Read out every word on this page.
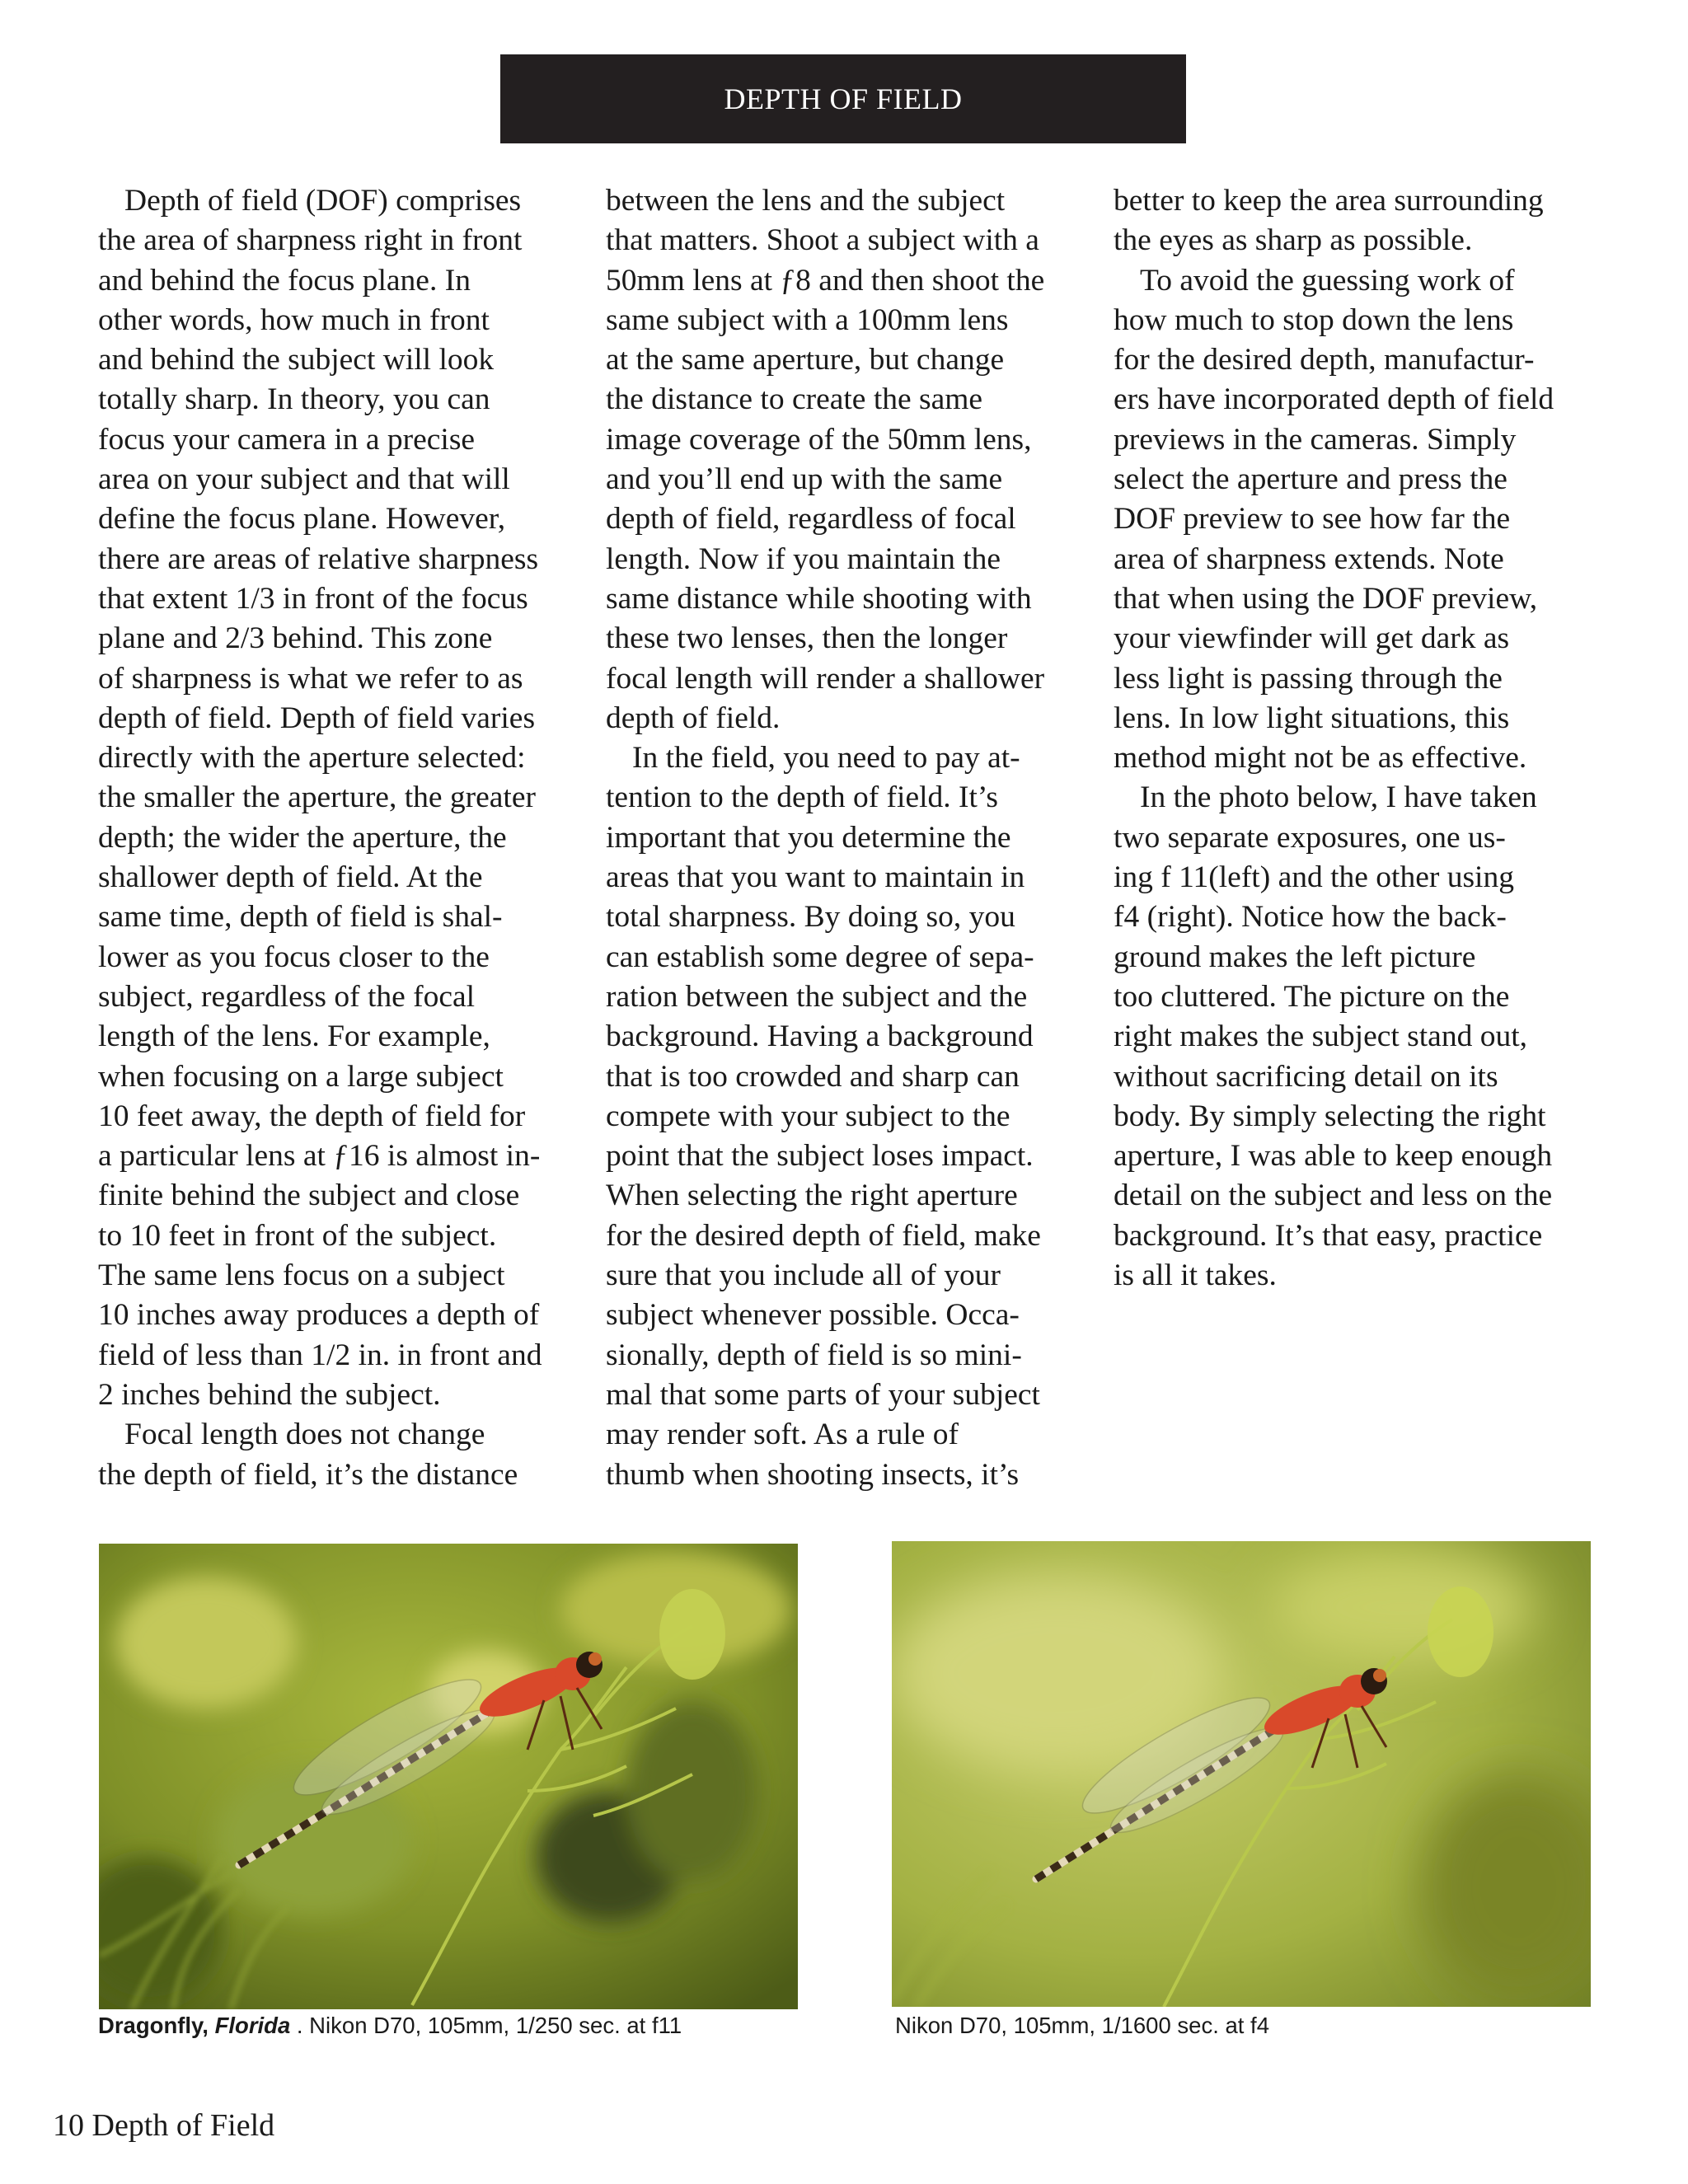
DEPTH OF FIELD
Depth of field (DOF) comprises
the area of sharpness right in front
and behind the focus plane. In
other words, how much in front
and behind the subject will look
totally sharp. In theory, you can
focus your camera in a precise
area on your subject and that will
define the focus plane. However,
there are areas of relative sharpness
that extent 1/3 in front of the focus
plane and 2/3 behind. This zone
of sharpness is what we refer to as
depth of field. Depth of field varies
directly with the aperture selected:
the smaller the aperture, the greater
depth; the wider the aperture, the
shallower depth of field. At the
same time, depth of field is shal-
lower as you focus closer to the
subject, regardless of the focal
length of the lens. For example,
when focusing on a large subject
10 feet away, the depth of field for
a particular lens at ƒ16 is almost in-
finite behind the subject and close
to 10 feet in front of the subject.
The same lens focus on a subject
10 inches away produces a depth of
field of less than 1/2 in. in front and
2 inches behind the subject.
Focal length does not change
the depth of field, it’s the distance
between the lens and the subject
that matters. Shoot a subject with a
50mm lens at ƒ8 and then shoot the
same subject with a 100mm lens
at the same aperture, but change
the distance to create the same
image coverage of the 50mm lens,
and you’ll end up with the same
depth of field, regardless of focal
length. Now if you maintain the
same distance while shooting with
these two lenses, then the longer
focal length will render a shallower
depth of field.
In the field, you need to pay at-
tention to the depth of field. It’s
important that you determine the
areas that you want to maintain in
total sharpness. By doing so, you
can establish some degree of sepa-
ration between the subject and the
background. Having a background
that is too crowded and sharp can
compete with your subject to the
point that the subject loses impact.
When selecting the right aperture
for the desired depth of field, make
sure that you include all of your
subject whenever possible. Occa-
sionally, depth of field is so mini-
mal that some parts of your subject
may render soft. As a rule of
thumb when shooting insects, it’s
better to keep the area surrounding
the eyes as sharp as possible.
To avoid the guessing work of
how much to stop down the lens
for the desired depth, manufactur-
ers have incorporated depth of field
previews in the cameras. Simply
select the aperture and press the
DOF preview to see how far the
area of sharpness extends. Note
that when using the DOF preview,
your viewfinder will get dark as
less light is passing through the
lens. In low light situations, this
method might not be as effective.
In the photo below, I have taken
two separate exposures, one us-
ing f 11(left) and the other using
f4 (right). Notice how the back-
ground makes the left picture
too cluttered. The picture on the
right makes the subject stand out,
without sacrificing detail on its
body. By simply selecting the right
aperture, I was able to keep enough
detail on the subject and less on the
background. It’s that easy, practice
is all it takes.
Dragonfly, Florida . Nikon D70, 105mm, 1/250 sec. at f11	Nikon D70, 105mm, 1/1600 sec. at f4
10 Depth of Field
